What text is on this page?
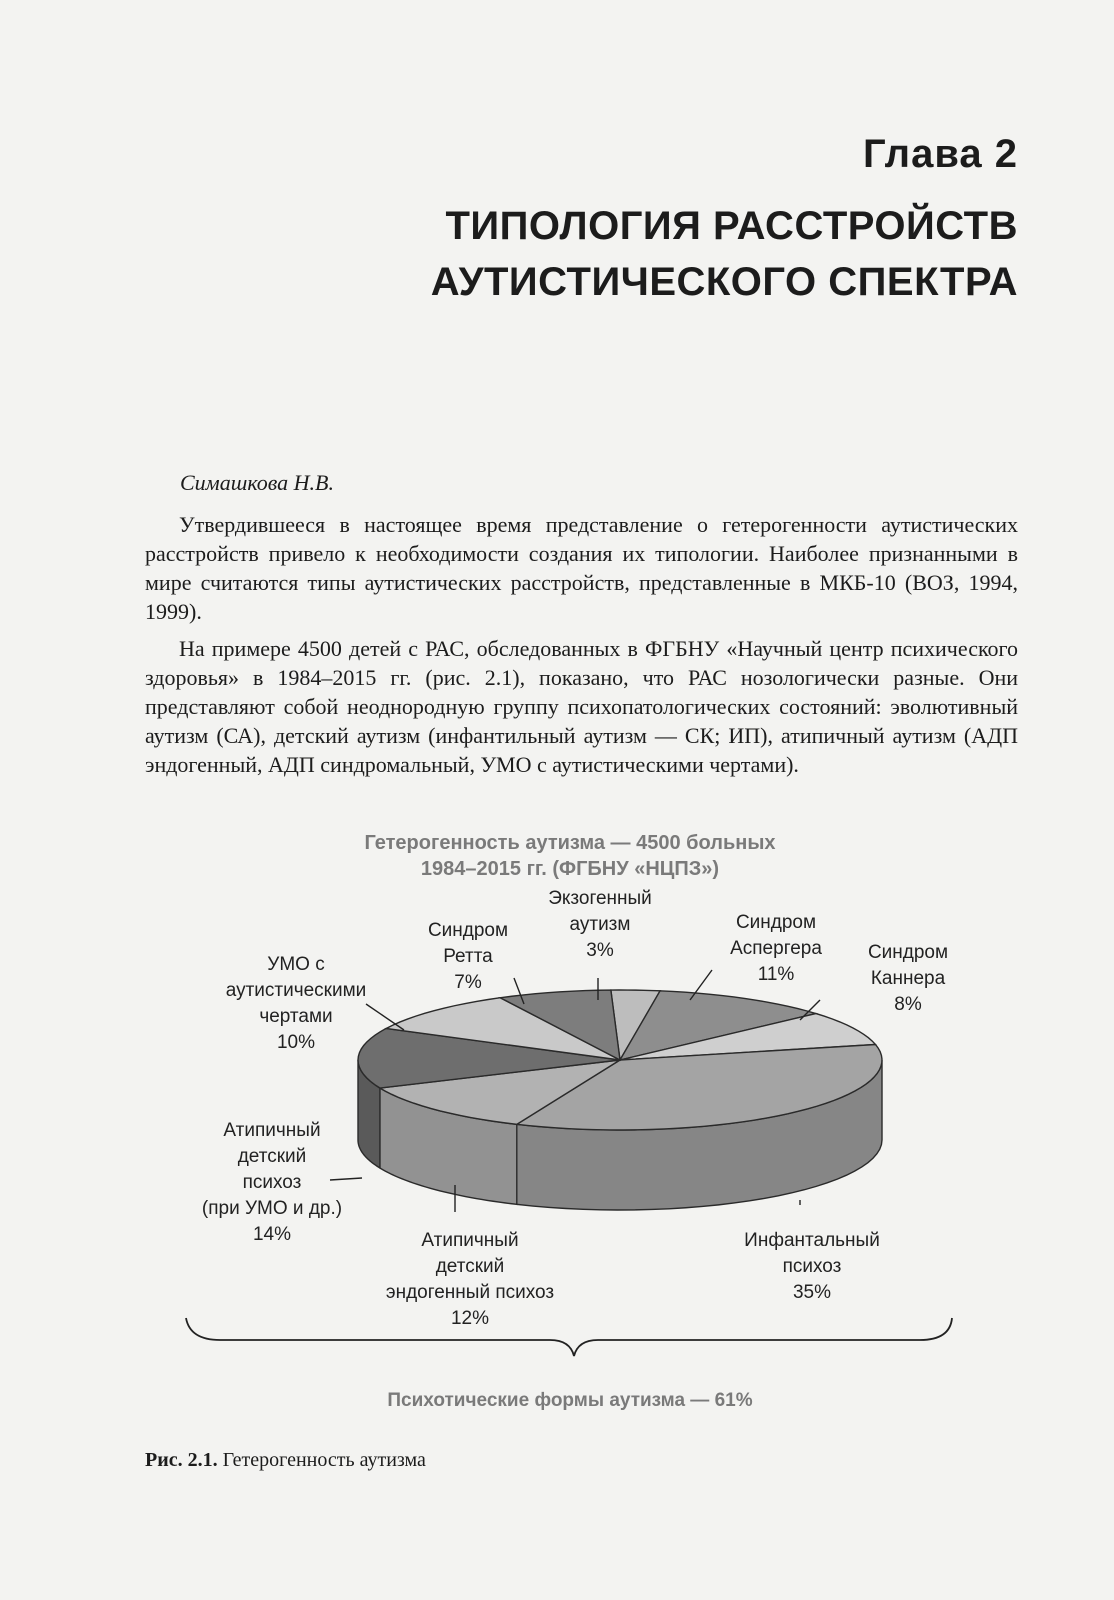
Глава 2
ТИПОЛОГИЯ РАССТРОЙСТВ АУТИСТИЧЕСКОГО СПЕКТРА
Симашкова Н.В.

Утвердившееся в настоящее время представление о гетерогенности аутистических расстройств привело к необходимости создания их типологии. Наиболее признанными в мире считаются типы аутистических расстройств, представленные в МКБ-10 (ВОЗ, 1994, 1999).

На примере 4500 детей с РАС, обследованных в ФГБНУ «Научный центр психического здоровья» в 1984–2015 гг. (рис. 2.1), показано, что РАС нозологически разные. Они представляют собой неоднородную группу психопатологических состояний: эволютивный аутизм (СА), детский аутизм (инфантильный аутизм — СК; ИП), атипичный аутизм (АДП эндогенный, АДП синдромальный, УМО с аутистическими чертами).

Гетерогенность аутизма — 4500 больных
1984–2015 гг. (ФГБНУ «НЦПЗ»)
Экзогенный
аутизм
3%
Синдром
Аспергера
11%
Синдром
Каннера
8%
Инфантальный
психоз
35%
Атипичный
детский
эндогенный психоз
12%
Атипичный
детский
психоз
(при УМО и др.)
14%
УМО с
аутистическими
чертами
10%
Синдром
Ретта
7%
Психотические формы аутизма — 61%
Рис. 2.1. Гетерогенность аутизма
